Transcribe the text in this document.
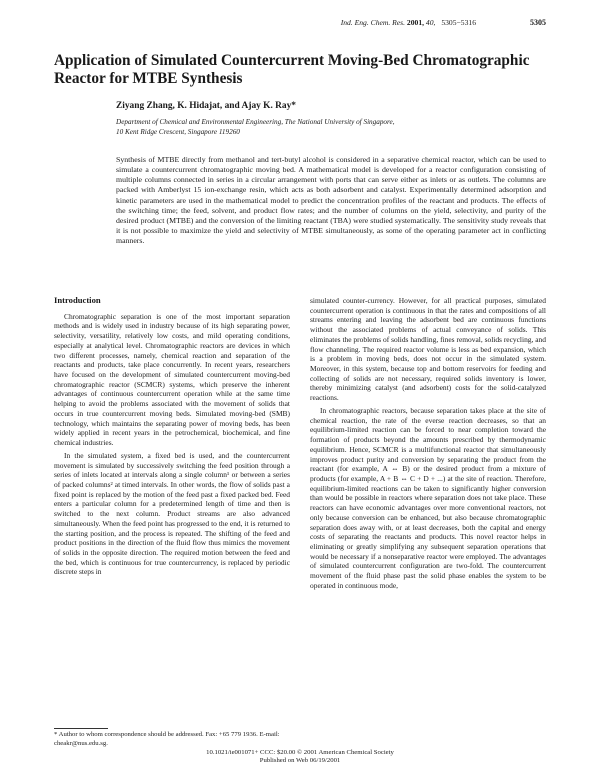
Ind. Eng. Chem. Res. 2001, 40, 5305−5316	5305
Application of Simulated Countercurrent Moving-Bed Chromatographic Reactor for MTBE Synthesis
Ziyang Zhang, K. Hidajat, and Ajay K. Ray*
Department of Chemical and Environmental Engineering, The National University of Singapore,
10 Kent Ridge Crescent, Singapore 119260

Synthesis of MTBE directly from methanol and tert-butyl alcohol is considered in a separative chemical reactor, which can be used to simulate a countercurrent chromatographic moving bed. A mathematical model is developed for a reactor configuration consisting of multiple columns connected in series in a circular arrangement with ports that can serve either as inlets or as outlets. The columns are packed with Amberlyst 15 ion-exchange resin, which acts as both adsorbent and catalyst. Experimentally determined adsorption and kinetic parameters are used in the mathematical model to predict the concentration profiles of the reactant and products. The effects of the switching time; the feed, solvent, and product flow rates; and the number of columns on the yield, selectivity, and purity of the desired product (MTBE) and the conversion of the limiting reactant (TBA) were studied systematically. The sensitivity study reveals that it is not possible to maximize the yield and selectivity of MTBE simultaneously, as some of the operating parameter act in conflicting manners.

Introduction

Chromatographic separation is one of the most important separation methods and is widely used in industry because of its high separating power, selectivity, versatility, relatively low costs, and mild operating conditions, especially at analytical level. Chromatographic reactors are devices in which two different processes, namely, chemical reaction and separation of the reactants and products, take place concurrently. In recent years, researchers have focused on the development of simulated countercurrent moving-bed chromatographic reactor (SCMCR) systems, which preserve the inherent advantages of continuous countercurrent operation while at the same time helping to avoid the problems associated with the movement of solids that occurs in true countercurrent moving beds. Simulated moving-bed (SMB) technology, which maintains the separating power of moving beds, has been widely applied in recent years in the petrochemical, biochemical, and fine chemical industries.

In the simulated system, a fixed bed is used, and the countercurrent movement is simulated by successively switching the feed position through a series of inlets located at intervals along a single column¹ or between a series of packed columns² at timed intervals. In other words, the flow of solids past a fixed point is replaced by the motion of the feed past a fixed packed bed. Feed enters a particular column for a predetermined length of time and then is switched to the next column. Product streams are also advanced simultaneously. When the feed point has progressed to the end, it is returned to the starting position, and the process is repeated. The shifting of the feed and product positions in the direction of the fluid flow thus mimics the movement of solids in the opposite direction. The required motion between the feed and the bed, which is continuous for true countercurrency, is replaced by periodic discrete steps in

simulated counter-currency. However, for all practical purposes, simulated countercurrent operation is continuous in that the rates and compositions of all streams entering and leaving the adsorbent bed are continuous functions without the associated problems of actual conveyance of solids. This eliminates the problems of solids handling, fines removal, solids recycling, and flow channeling. The required reactor volume is less as bed expansion, which is a problem in moving beds, does not occur in the simulated system. Moreover, in this system, because top and bottom reservoirs for feeding and collecting of solids are not necessary, required solids inventory is lower, thereby minimizing catalyst (and adsorbent) costs for the solid-catalyzed reactions.

In chromatographic reactors, because separation takes place at the site of chemical reaction, the rate of the everse reaction decreases, so that an equilibrium-limited reaction can be forced to near completion toward the formation of products beyond the amounts prescribed by thermodynamic equilibrium. Hence, SCMCR is a multifunctional reactor that simultaneously improves product purity and conversion by separating the product from the reactant (for example, A ⇔ B) or the desired product from a mixture of products (for example, A + B ⇔ C + D + ...) at the site of reaction. Therefore, equilibrium-limited reactions can be taken to significantly higher conversion than would be possible in reactors where separation does not take place. These reactors can have economic advantages over more conventional reactors, not only because conversion can be enhanced, but also because chromatographic separation does away with, or at least decreases, both the capital and energy costs of separating the reactants and products. This novel reactor helps in eliminating or greatly simplifying any subsequent separation operations that would be necessary if a nonseparative reactor were employed. The advantages of simulated countercurrent configuration are two-fold. The countercurrent movement of the fluid phase past the solid phase enables the system to be operated in continuous mode,

* Author to whom correspondence should be addressed. Fax: +65 779 1936. E-mail: cheakr@nus.edu.sg.

10.1021/ie001071+ CCC: $20.00 © 2001 American Chemical Society
Published on Web 06/19/2001
